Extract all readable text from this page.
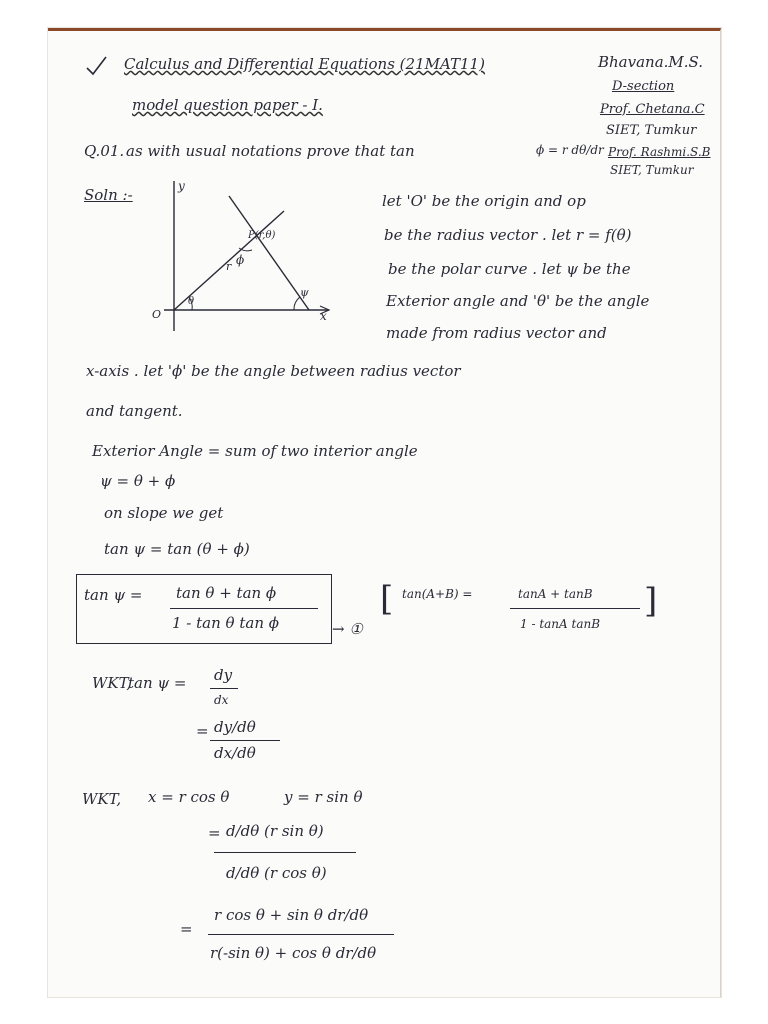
Calculus and Differential Equations (21MAT11)
model question paper - I.
Bhavana.M.S.
D-section
Prof. Chetana.C
SIET, Tumkur
Prof. Rashmi.S.B
SIET, Tumkur
Q.01. as with usual notations prove that tan	ϕ = r dθ/dr
Soln :-	y
x
O
P(r,θ)
r
θ
ϕ
ψ
let 'O' be the origin and op
be the radius vector . let r = f(θ)
be the polar curve . let ψ be the
Exterior angle and 'θ' be the angle
made from radius vector and
x-axis . let 'ϕ' be the angle between radius vector
and tangent.
Exterior Angle = sum of two interior angle
ψ = θ + ϕ
on slope we get
tan ψ = tan (θ + ϕ)
tan ψ = tan θ + tan ϕ
1 - tan θ tan ϕ	→ ①
[ tan(A+B) =	tanA + tanB
1 - tanA tanB
]
WKT,
tan ψ = dy
dx
= dy/dθ
dx/dθ
WKT, x = r cos θ	y = r sin θ
= d/dθ (r sin θ)
d/dθ (r cos θ)
=
r cos θ + sin θ dr/dθ
r(-sin θ) + cos θ dr/dθ
